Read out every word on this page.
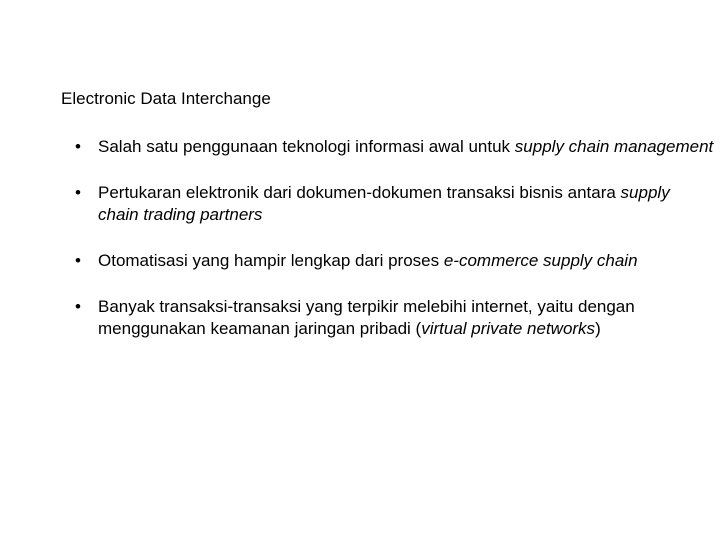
Electronic Data Interchange
• Salah satu penggunaan teknologi informasi awal untuk supply chain management
• Pertukaran elektronik dari dokumen-dokumen transaksi bisnis antara supply chain trading partners
• Otomatisasi yang hampir lengkap dari proses e-commerce supply chain
• Banyak transaksi-transaksi yang terpikir melebihi internet, yaitu dengan menggunakan keamanan jaringan pribadi (virtual private networks)
